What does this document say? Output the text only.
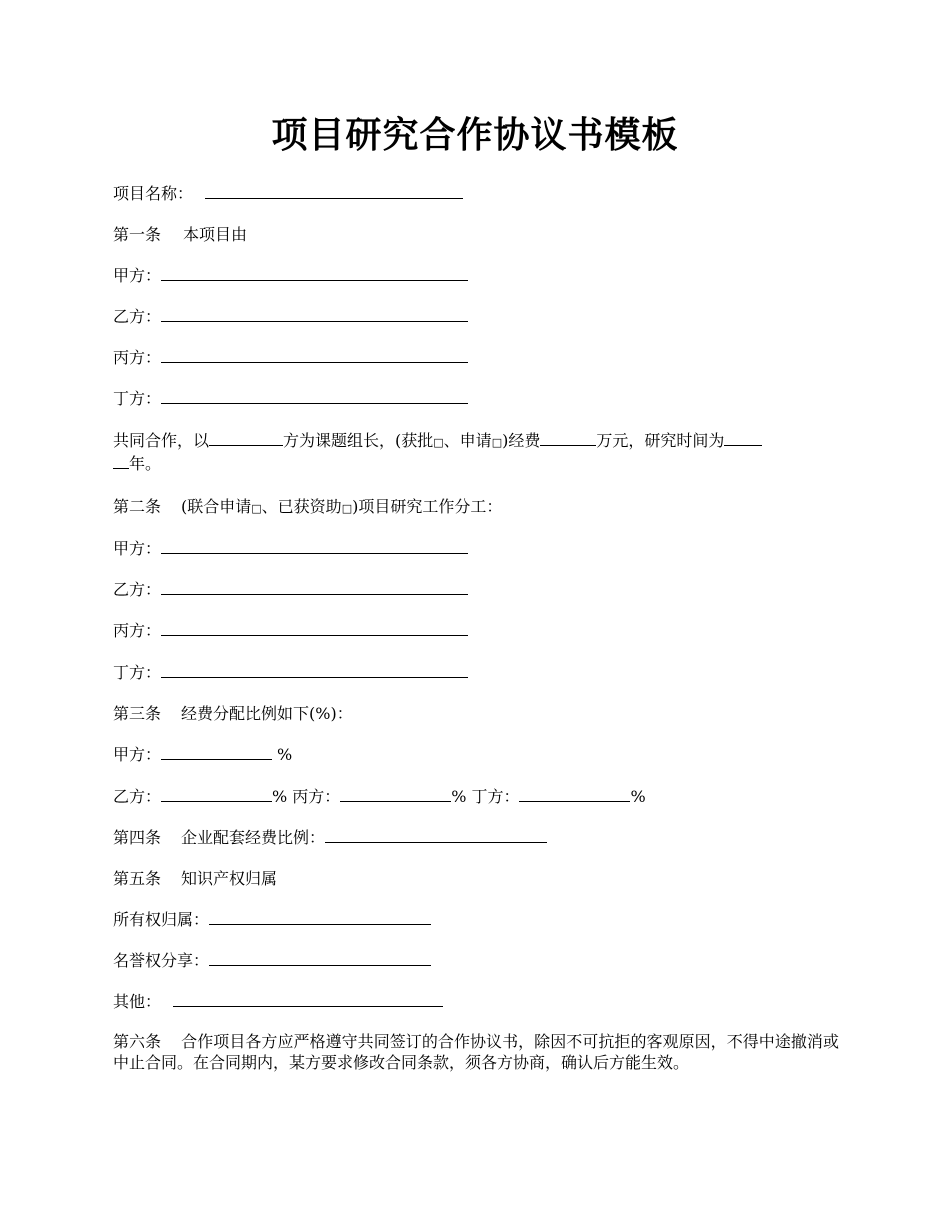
项目研究合作协议书模板
项目名称：
第一条 本项目由
甲方：
乙方：
丙方：
丁方：
共同合作，以	方为课题组长，(获批□、申请□)经费	万元，研究时间为
年。
第二条 (联合申请□、已获资助□)项目研究工作分工：
甲方：
乙方：
丙方：
丁方：
第三条 经费分配比例如下(%)：
甲方：	%
乙方：	% 丙方：	% 丁方：	%
第四条 企业配套经费比例：
第五条 知识产权归属
所有权归属：
名誉权分享：
其他：
第六条 合作项目各方应严格遵守共同签订的合作协议书，除因不可抗拒的客观原因，不得中途撤消或中止合同。在合同期内，某方要求修改合同条款，须各方协商，确认后方能生效。
